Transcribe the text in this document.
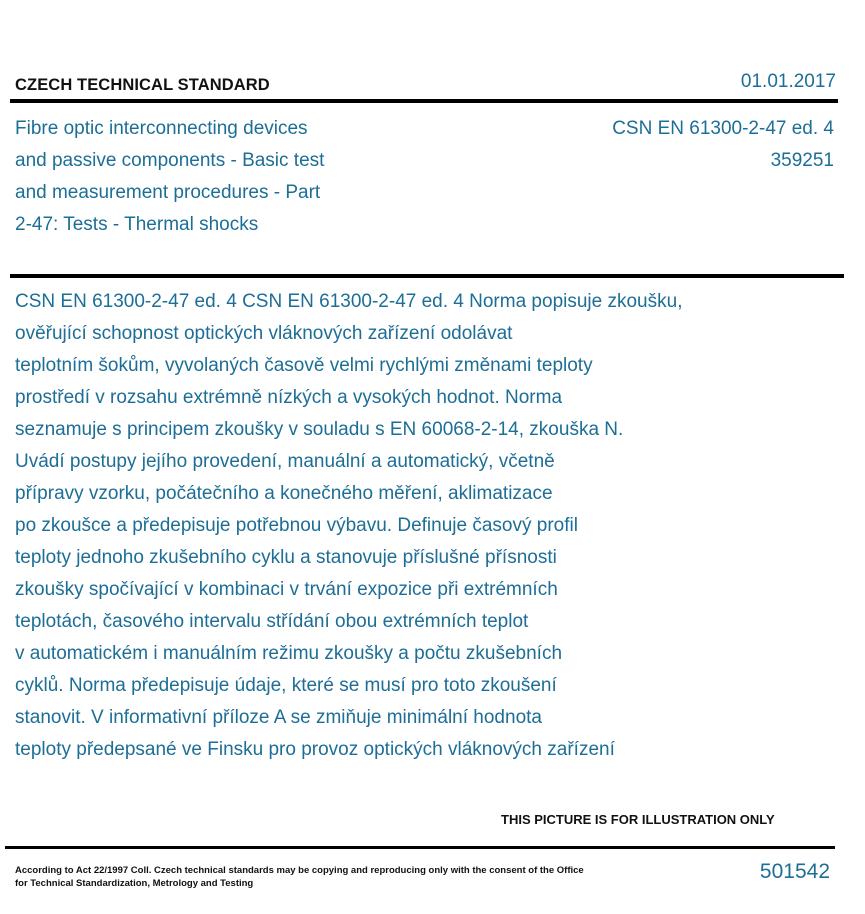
CZECH TECHNICAL STANDARD	01.01.2017
Fibre optic interconnecting devices
and passive components - Basic test
and measurement procedures - Part
2-47: Tests - Thermal shocks
CSN EN 61300-2-47 ed. 4
359251
CSN EN 61300-2-47 ed. 4 CSN EN 61300-2-47 ed. 4 Norma popisuje zkoušku,
ověřující schopnost optických vláknových zařízení odolávat
teplotním šokům, vyvolaných časově velmi rychlými změnami teploty
prostředí v rozsahu extrémně nízkých a vysokých hodnot. Norma
seznamuje s principem zkoušky v souladu s EN 60068-2-14, zkouška N.
Uvádí postupy jejího provedení, manuální a automatický, včetně
přípravy vzorku, počátečního a konečného měření, aklimatizace
po zkoušce a předepisuje potřebnou výbavu. Definuje časový profil
teploty jednoho zkušebního cyklu a stanovuje příslušné přísnosti
zkoušky spočívající v kombinaci v trvání expozice při extrémních
teplotách, časového intervalu střídání obou extrémních teplot
v automatickém i manuálním režimu zkoušky a počtu zkušebních
cyklů. Norma předepisuje údaje, které se musí pro toto zkoušení
stanovit. V informativní příloze A se zmiňuje minimální hodnota
teploty předepsané ve Finsku pro provoz optických vláknových zařízení
THIS PICTURE IS FOR ILLUSTRATION ONLY
According to Act 22/1997 Coll. Czech technical standards may be copying and reproducing only with the consent of the Office
for Technical Standardization, Metrology and Testing
501542
